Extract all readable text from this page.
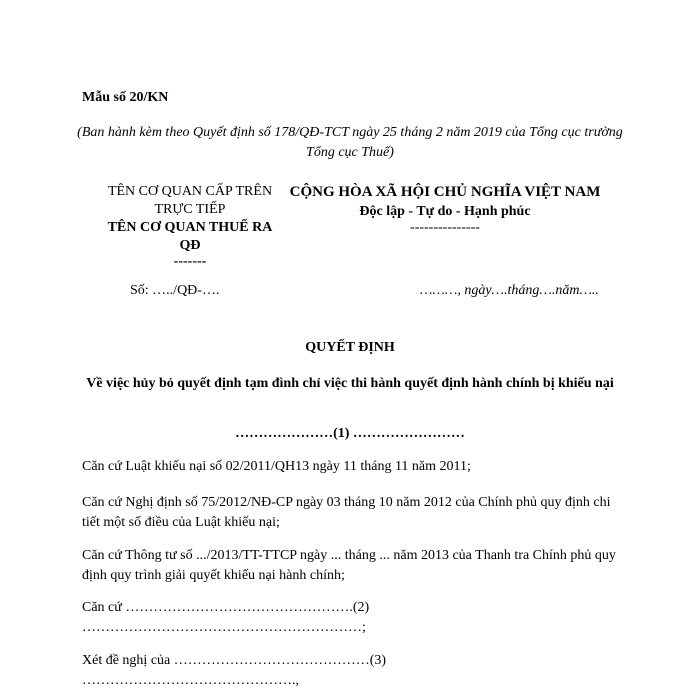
Mẫu số 20/KN
(Ban hành kèm theo Quyết định số 178/QĐ-TCT ngày 25 tháng 2 năm 2019 của Tổng cục trường Tổng cục Thuế)
TÊN CƠ QUAN CẤP TRÊN
TRỰC TIẾP
TÊN CƠ QUAN THUẾ RA
QĐ
-------
CỘNG HÒA XÃ HỘI CHỦ NGHĨA VIỆT NAM
Độc lập - Tự do - Hạnh phúc
---------------
Số: …../QĐ-….	………, ngày….tháng….năm…..
QUYẾT ĐỊNH
Về việc hủy bỏ quyết định tạm đình chỉ việc thi hành quyết định hành chính bị khiếu nại
…………………(1) ……………………
Căn cứ Luật khiếu nại số 02/2011/QH13 ngày 11 tháng 11 năm 2011;
Căn cứ Nghị định số 75/2012/NĐ-CP ngày 03 tháng 10 năm 2012 của Chính phủ quy định chi tiết một số điều của Luật khiếu nại;
Căn cứ Thông tư số .../2013/TT-TTCP ngày ... tháng ... năm 2013 của Thanh tra Chính phủ quy định quy trình giải quyết khiếu nại hành chính;
Căn cứ ………………………………………….(2)
……………………………………………………;
Xét đề nghị của ……………………………………(3)
……………………………………….,
